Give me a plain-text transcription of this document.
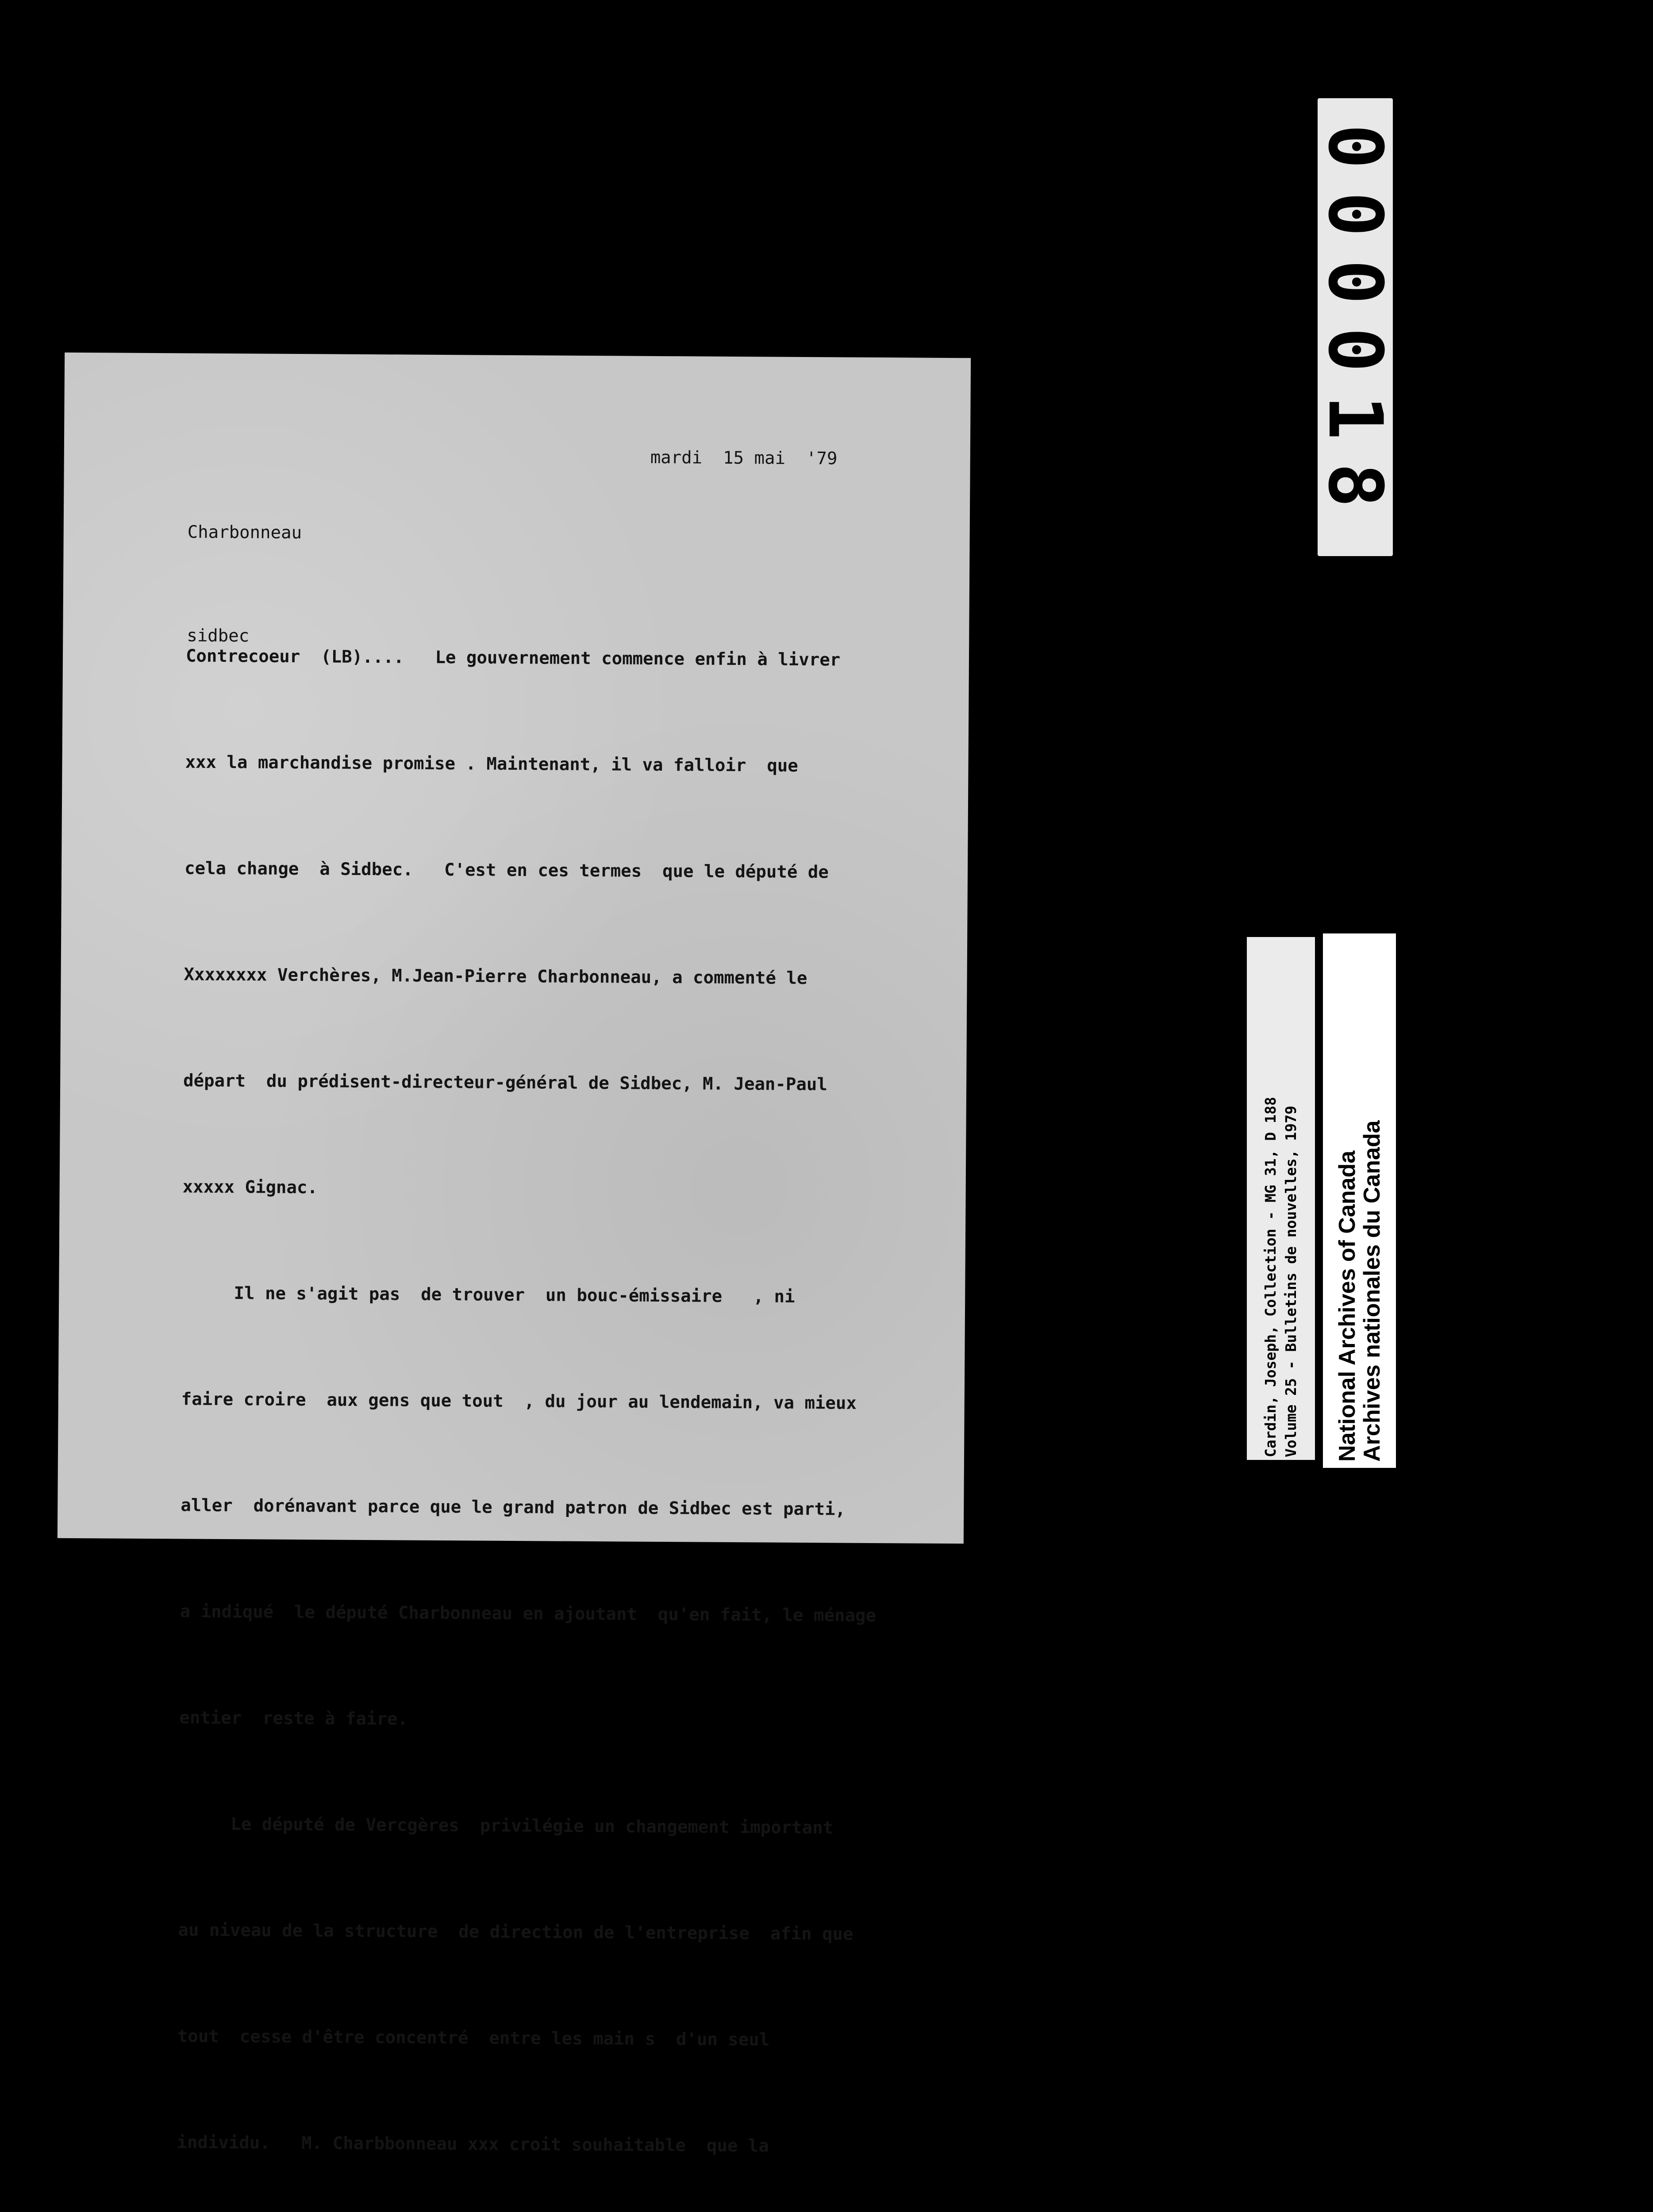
Charbonneau

sidbec

mardi  15 mai  '79

Contrecoeur  (LB)....   Le gouvernement commence enfin à livrer

xxx la marchandise promise . Maintenant, il va falloir  que

cela change  à Sidbec.   C'est en ces termes  que le député de

Xxxxxxxx Verchères, M.Jean-Pierre Charbonneau, a commenté le

départ  du prédisent-directeur-général de Sidbec, M. Jean-Paul

xxxxx Gignac.

Il ne s'agit pas  de trouver  un bouc-émissaire   , ni

faire croire  aux gens que tout  , du jour au lendemain, va mieux

aller  dorénavant parce que le grand patron de Sidbec est parti,

a indiqué  le député Charbonneau en ajoutant  qu'en fait, le ménage

entier  reste à faire.

Le député de Vercgères  privilégie un changement important

au niveau de la structure  de direction de l'entreprise  afin que

tout  cesse d'être concentré  entre les main s  d'un seul

individu.   M. Charbbonneau xxx croit souhaitable  que la

000018
Cardin, Joseph, Collection - MG 31, D 188 Volume 25 - Bulletins de nouvelles, 1979 National Archives of Canada
Archives nationales du Canada
